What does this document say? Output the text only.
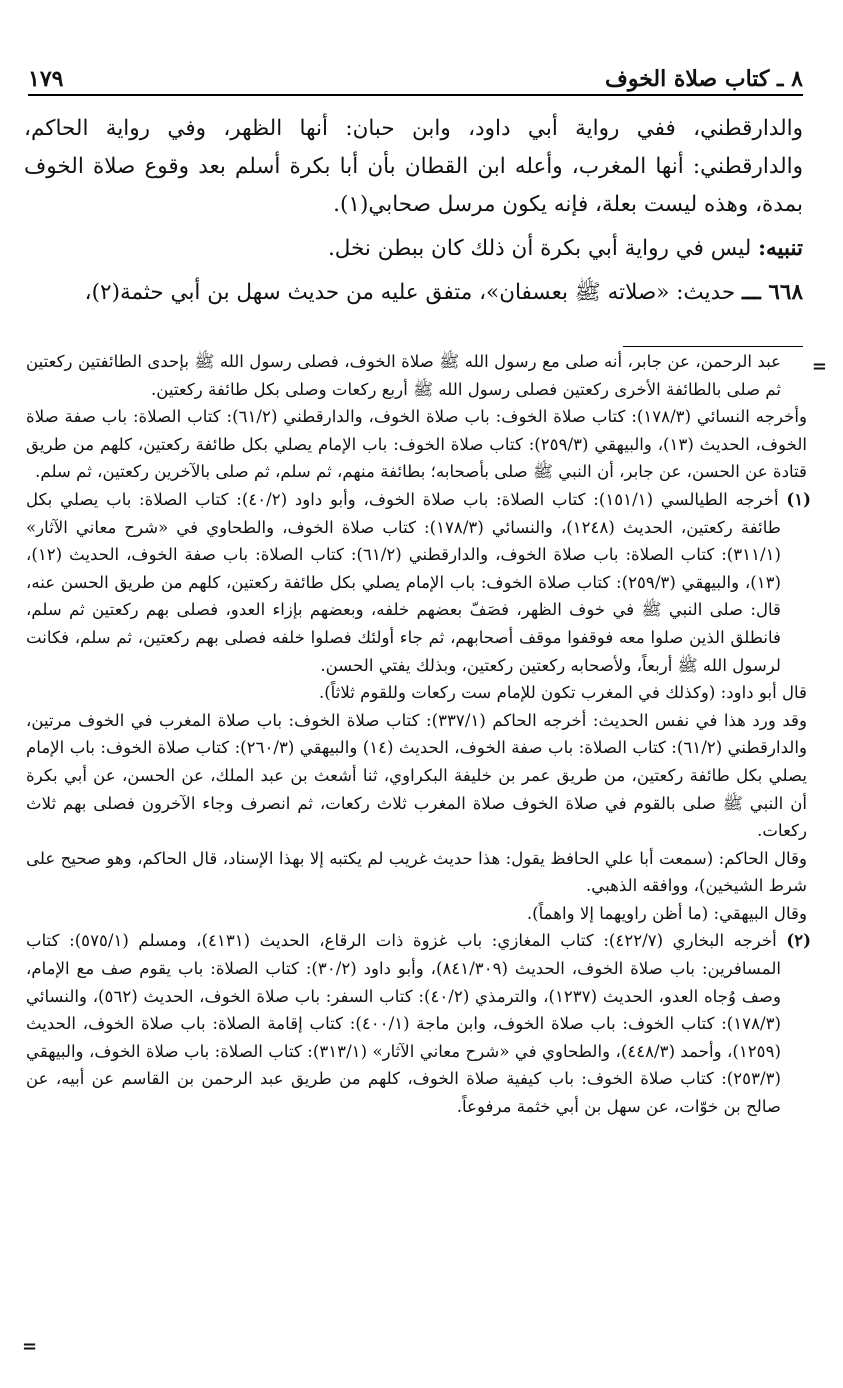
٨ ـ كتاب صلاة الخوف
١٧٩

والدارقطني، ففي رواية أبي داود، وابن حبان: أنها الظهر، وفي رواية الحاكم، والدارقطني: أنها المغرب، وأعله ابن القطان بأن أبا بكرة أسلم بعد وقوع صلاة الخوف بمدة، وهذه ليست بعلة، فإنه يكون مرسل صحابي(١).

تنبيه: ليس في رواية أبي بكرة أن ذلك كان ببطن نخل.

٦٦٨ ـــ حديث: «صلاته ﷺ بعسفان»، متفق عليه من حديث سهل بن أبي حثمة(٢)،

=

عبد الرحمن، عن جابر، أنه صلى مع رسول الله ﷺ صلاة الخوف، فصلى رسول الله ﷺ بإحدى الطائفتين ركعتين ثم صلى بالطائفة الأخرى ركعتين فصلى رسول الله ﷺ أربع ركعات وصلى بكل طائفة ركعتين.

وأخرجه النسائي (١٧٨/٣): كتاب صلاة الخوف: باب صلاة الخوف، والدارقطني (٦١/٢): كتاب الصلاة: باب صفة صلاة الخوف، الحديث (١٣)، والبيهقي (٢٥٩/٣): كتاب صلاة الخوف: باب الإمام يصلي بكل طائفة ركعتين، كلهم من طريق قتادة عن الحسن، عن جابر، أن النبي ﷺ صلى بأصحابه؛ بطائفة منهم، ثم سلم، ثم صلى بالآخرين ركعتين، ثم سلم.

(١) أخرجه الطيالسي (١٥١/١): كتاب الصلاة: باب صلاة الخوف، وأبو داود (٤٠/٢): كتاب الصلاة: باب يصلي بكل طائفة ركعتين، الحديث (١٢٤٨)، والنسائي (١٧٨/٣): كتاب صلاة الخوف، والطحاوي في «شرح معاني الآثار» (٣١١/١): كتاب الصلاة: باب صلاة الخوف، والدارقطني (٦١/٢): كتاب الصلاة: باب صفة الخوف، الحديث (١٢)، (١٣)، والبيهقي (٢٥٩/٣): كتاب صلاة الخوف: باب الإمام يصلي بكل طائفة ركعتين، كلهم من طريق الحسن عنه، قال: صلى النبي ﷺ في خوف الظهر، فصَفّ بعضهم خلفه، وبعضهم بإزاء العدو، فصلى بهم ركعتين ثم سلم، فانطلق الذين صلوا معه فوقفوا موقف أصحابهم، ثم جاء أولئك فصلوا خلفه فصلى بهم ركعتين، ثم سلم، فكانت لرسول الله ﷺ أربعاً، ولأصحابه ركعتين ركعتين، وبذلك يفتي الحسن.

قال أبو داود: (وكذلك في المغرب تكون للإمام ست ركعات وللقوم ثلاثاً).

وقد ورد هذا في نفس الحديث: أخرجه الحاكم (٣٣٧/١): كتاب صلاة الخوف: باب صلاة المغرب في الخوف مرتين، والدارقطني (٦١/٢): كتاب الصلاة: باب صفة الخوف، الحديث (١٤) والبيهقي (٢٦٠/٣): كتاب صلاة الخوف: باب الإمام يصلي بكل طائفة ركعتين، من طريق عمر بن خليفة البكراوي، ثنا أشعث بن عبد الملك، عن الحسن، عن أبي بكرة أن النبي ﷺ صلى بالقوم في صلاة الخوف صلاة المغرب ثلاث ركعات، ثم انصرف وجاء الآخرون فصلى بهم ثلاث ركعات.

وقال الحاكم: (سمعت أبا علي الحافظ يقول: هذا حديث غريب لم يكتبه إلا بهذا الإسناد، قال الحاكم، وهو صحيح على شرط الشيخين)، ووافقه الذهبي.

وقال البيهقي: (ما أظن راويهما إلا واهماً).

(٢) أخرجه البخاري (٤٢٢/٧): كتاب المغازي: باب غزوة ذات الرقاع، الحديث (٤١٣١)، ومسلم (٥٧٥/١): كتاب المسافرين: باب صلاة الخوف، الحديث (٨٤١/٣٠٩)، وأبو داود (٣٠/٢): كتاب الصلاة: باب يقوم صف مع الإمام، وصف وُجاه العدو، الحديث (١٢٣٧)، والترمذي (٤٠/٢): كتاب السفر: باب صلاة الخوف، الحديث (٥٦٢)، والنسائي (١٧٨/٣): كتاب الخوف: باب صلاة الخوف، وابن ماجة (٤٠٠/١): كتاب إقامة الصلاة: باب صلاة الخوف، الحديث (١٢٥٩)، وأحمد (٤٤٨/٣)، والطحاوي في «شرح معاني الآثار» (٣١٣/١): كتاب الصلاة: باب صلاة الخوف، والبيهقي (٢٥٣/٣): كتاب صلاة الخوف: باب كيفية صلاة الخوف، كلهم من طريق عبد الرحمن بن القاسم عن أبيه، عن صالح بن خوّات، عن سهل بن أبي خثمة مرفوعاً.

=
